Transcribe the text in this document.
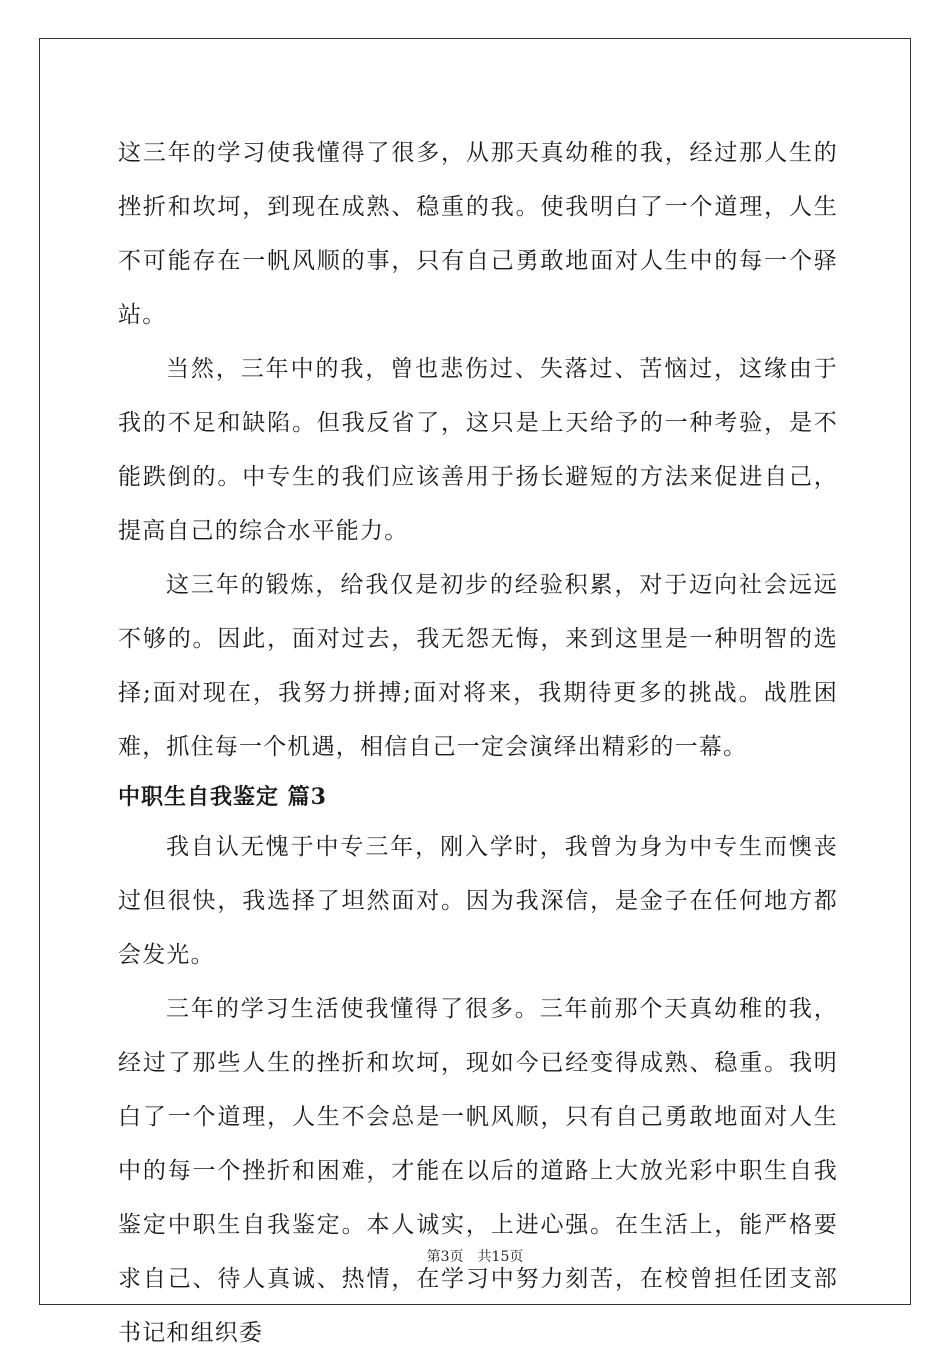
这三年的学习使我懂得了很多，从那天真幼稚的我，经过那人生的挫折和坎坷，到现在成熟、稳重的我。使我明白了一个道理，人生不可能存在一帆风顺的事，只有自己勇敢地面对人生中的每一个驿站。

当然，三年中的我，曾也悲伤过、失落过、苦恼过，这缘由于我的不足和缺陷。但我反省了，这只是上天给予的一种考验，是不能跌倒的。中专生的我们应该善用于扬长避短的方法来促进自己，提高自己的综合水平能力。

这三年的锻炼，给我仅是初步的经验积累，对于迈向社会远远不够的。因此，面对过去，我无怨无悔，来到这里是一种明智的选择;面对现在，我努力拼搏;面对将来，我期待更多的挑战。战胜困难，抓住每一个机遇，相信自己一定会演绎出精彩的一幕。

中职生自我鉴定 篇3

我自认无愧于中专三年，刚入学时，我曾为身为中专生而懊丧过但很快，我选择了坦然面对。因为我深信，是金子在任何地方都会发光。

三年的学习生活使我懂得了很多。三年前那个天真幼稚的我，经过了那些人生的挫折和坎坷，现如今已经变得成熟、稳重。我明白了一个道理，人生不会总是一帆风顺，只有自己勇敢地面对人生中的每一个挫折和困难，才能在以后的道路上大放光彩中职生自我鉴定中职生自我鉴定。本人诚实，上进心强。在生活上，能严格要求自己、待人真诚、热情，在学习中努力刻苦，在校曾担任团支部书记和组织委

第3页 共15页
